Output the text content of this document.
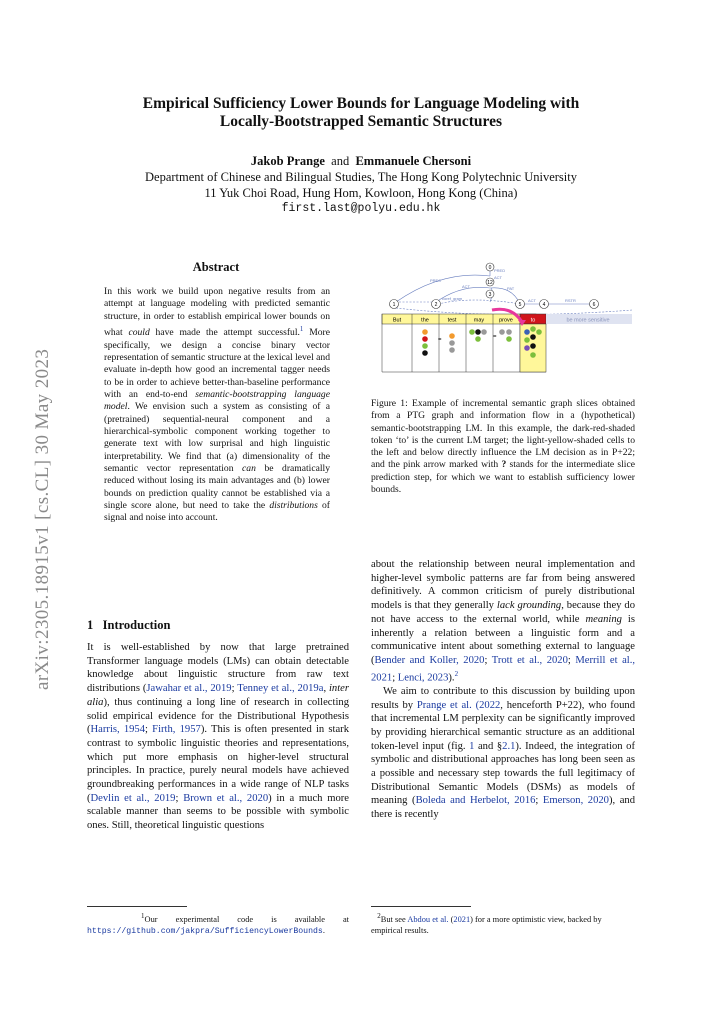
arXiv:2305.18915v1 [cs.CL] 30 May 2023
Empirical Sufficiency Lower Bounds for Language Modeling with
Locally-Bootstrapped Semantic Structures
Jakob Prange and Emmanuele Chersoni
Department of Chinese and Bilingual Studies, The Hong Kong Polytechnic University
11 Yuk Choi Road, Hung Hom, Kowloon, Hong Kong (China)
first.last@polyu.edu.hk
Abstract
In this work we build upon negative results from an attempt at language modeling with predicted semantic structure, in order to establish empirical lower bounds on what could have made the attempt successful.$^1$ More specifically, we design a concise binary vector representation of semantic structure at the lexical level and evaluate in-depth how good an incremental tagger needs to be in order to achieve better-than-baseline performance with an end-to-end semantic-bootstrapping language model. We envision such a system as consisting of a (pretrained) sequential-neural component and a hierarchical-symbolic component working together to generate text with low surprisal and high linguistic interpretability. We find that (a) dimensionality of the semantic vector representation can be dramatically reduced without losing its main advantages and (b) lower bounds on prediction quality cannot be established via a single score alone, but need to take the distributions of signal and noise into account.
1 Introduction
It is well-established by now that large pretrained Transformer language models (LMs) can obtain detectable knowledge about linguistic structure from raw text distributions (Jawahar et al., 2019; Tenney et al., 2019a, inter alia), thus continuing a long line of research in collecting solid empirical evidence for the Distributional Hypothesis (Harris, 1954; Firth, 1957). This is often presented in stark contrast to symbolic linguistic theories and representations, which put more emphasis on higher-level structural principles. In practice, purely neural models have achieved groundbreaking performances in a wide range of NLP tasks (Devlin et al., 2019; Brown et al., 2020) in a much more scalable manner than seems to be possible with symbolic ones. Still, theoretical linguistic questions
$^1$Our experimental code is available at https://github.com/jakpra/SufficiencyLowerBounds.
PREC
ACT	PAT
ACT
PRED
coref_gram	ACT	RSTR
0
12
3
1	2	5	4	6
But	the	test	may	prove	to	be more sensitive
=	=
Figure 1: Example of incremental semantic graph slices obtained from a PTG graph and information flow in a (hypothetical) semantic-bootstrapping LM. In this example, the dark-red-shaded token ‘to’ is the current LM target; the light-yellow-shaded cells to the left and below directly influence the LM decision as in P+22; and the pink arrow marked with ? stands for the intermediate slice prediction step, for which we want to establish sufficiency lower bounds.
about the relationship between neural implementation and higher-level symbolic patterns are far from being answered definitively. A common criticism of purely distributional models is that they generally lack grounding, because they do not have access to the external world, while meaning is inherently a relation between a linguistic form and a communicative intent about something external to language (Bender and Koller, 2020; Trott et al., 2020; Merrill et al., 2021; Lenci, 2023).$^2$
We aim to contribute to this discussion by building upon results by Prange et al. (2022, henceforth P+22), who found that incremental LM perplexity can be significantly improved by providing hierarchical semantic structure as an additional token-level input (fig. 1 and §2.1). Indeed, the integration of symbolic and distributional approaches has long been seen as a possible and necessary step towards the full legitimacy of Distributional Semantic Models (DSMs) as models of meaning (Boleda and Herbelot, 2016; Emerson, 2020), and there is recently
$^2$But see Abdou et al. (2021) for a more optimistic view, backed by empirical results.
